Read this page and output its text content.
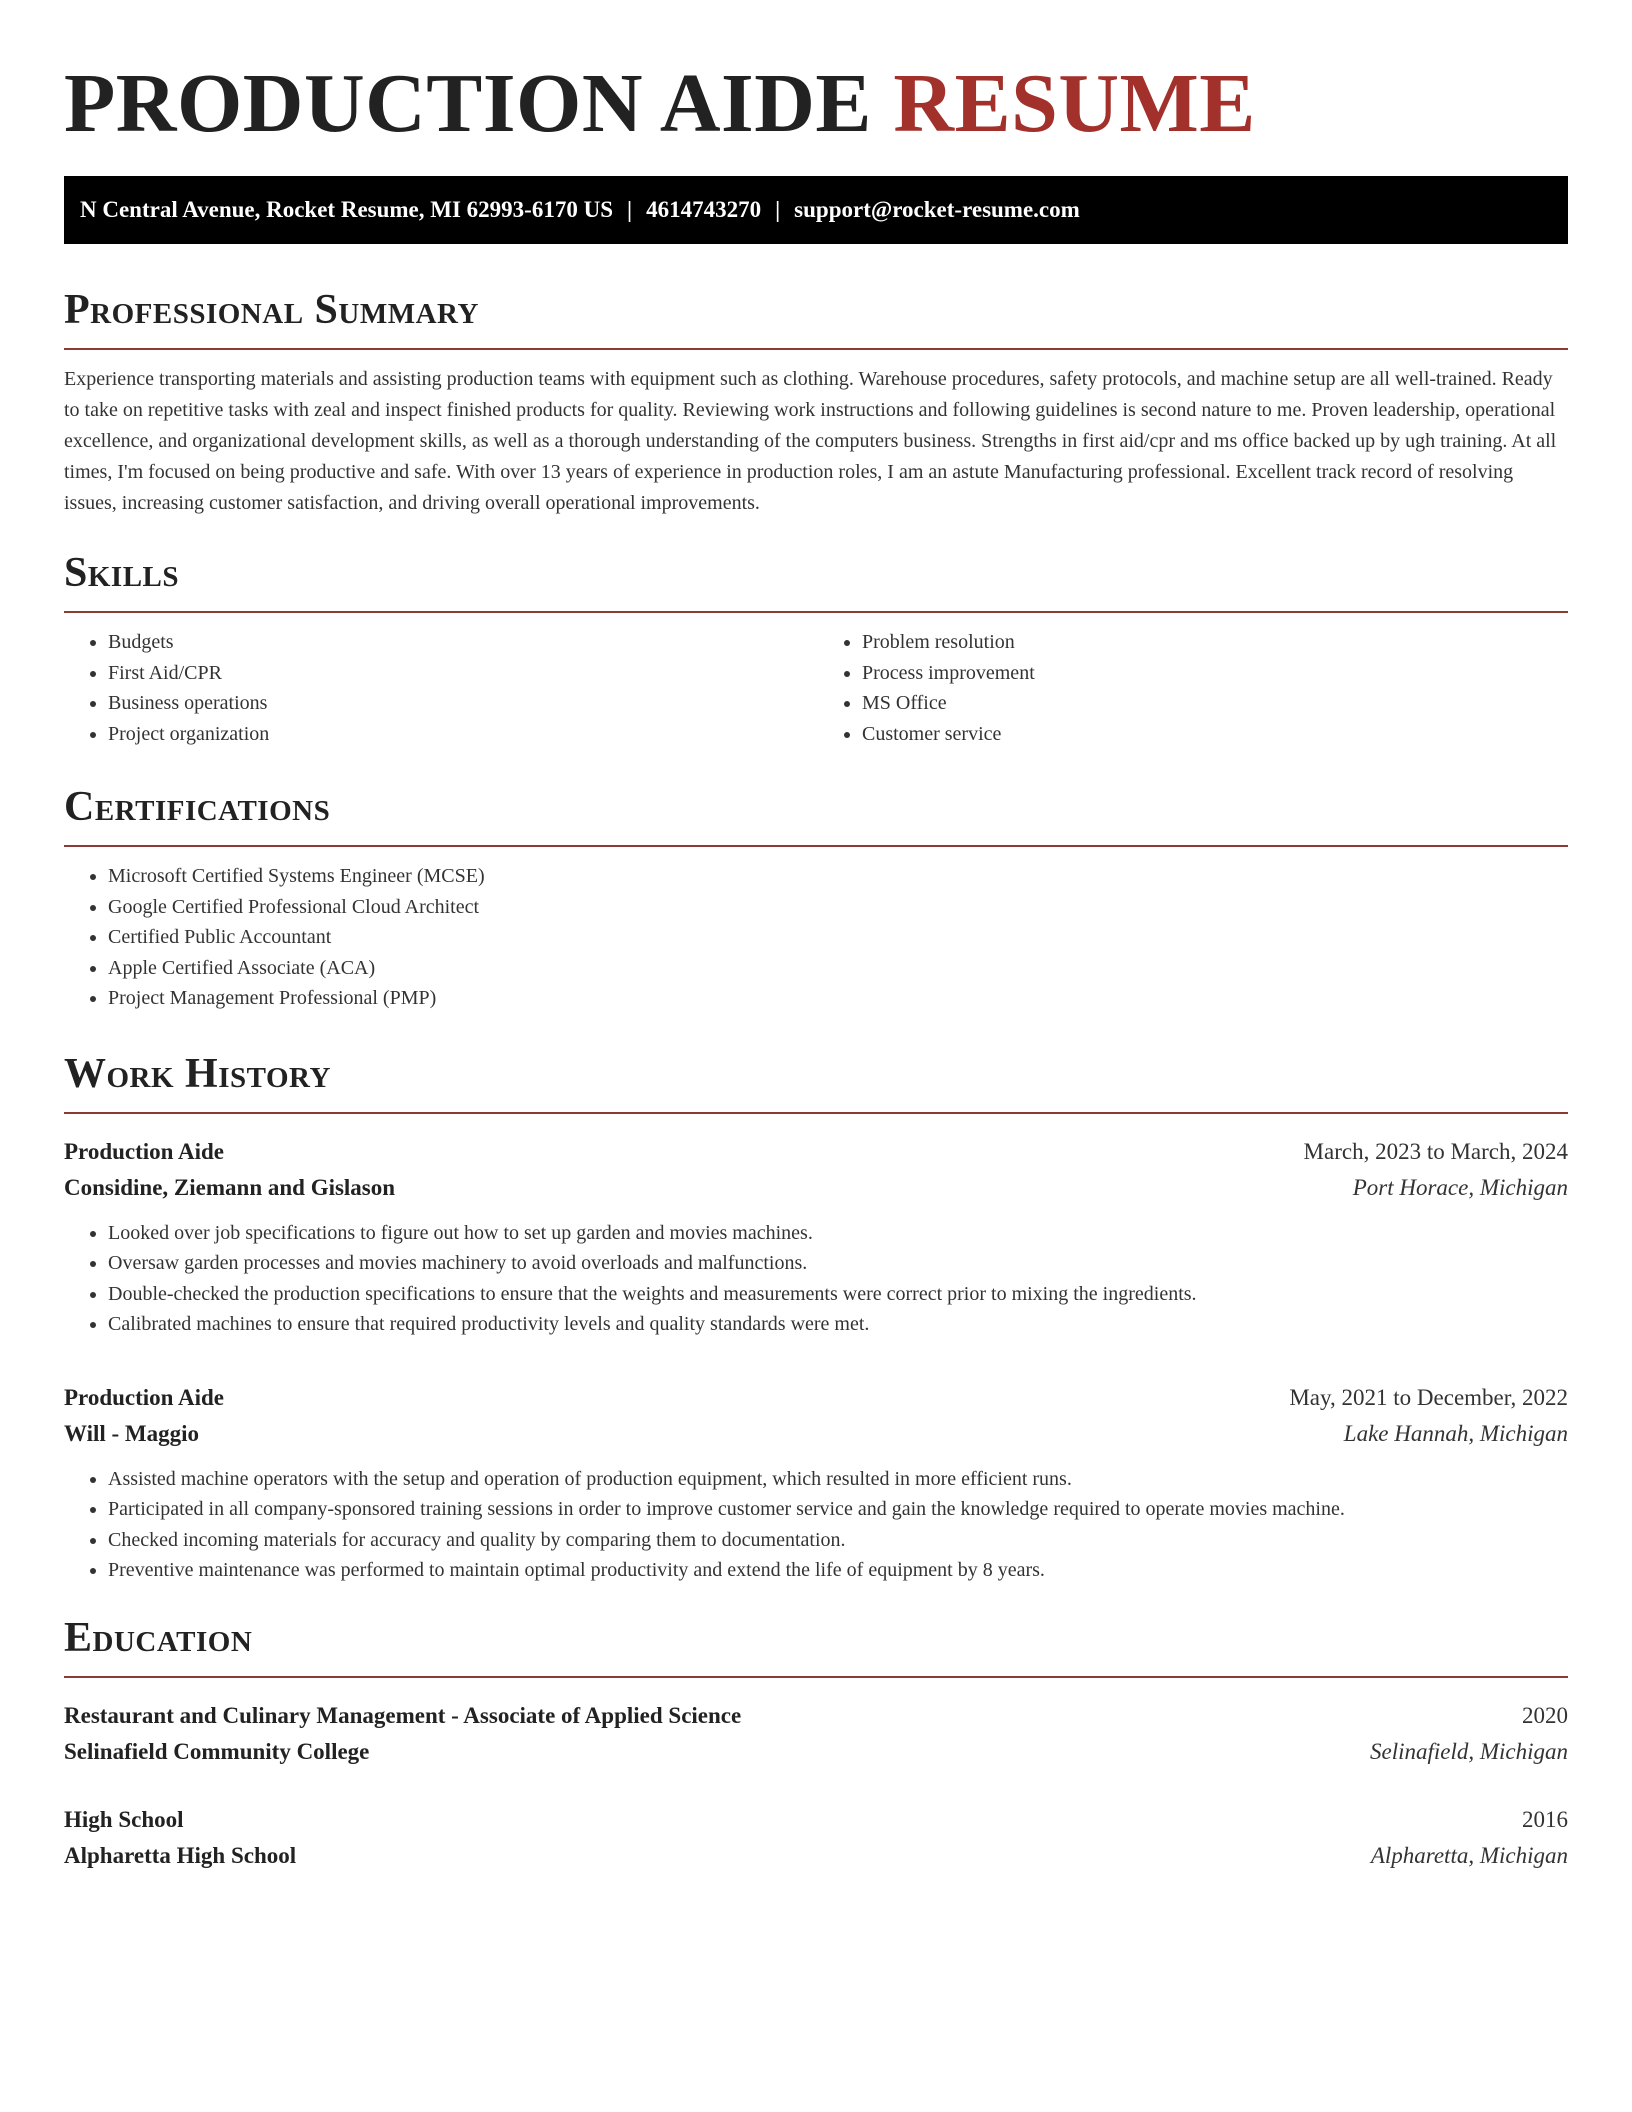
PRODUCTION AIDE RESUME
N Central Avenue, Rocket Resume, MI 62993-6170 US | 4614743270 | support@rocket-resume.com
Professional Summary

Experience transporting materials and assisting production teams with equipment such as clothing. Warehouse procedures, safety protocols, and machine setup are all well-trained. Ready to take on repetitive tasks with zeal and inspect finished products for quality. Reviewing work instructions and following guidelines is second nature to me. Proven leadership, operational excellence, and organizational development skills, as well as a thorough understanding of the computers business. Strengths in first aid/cpr and ms office backed up by ugh training. At all times, I'm focused on being productive and safe. With over 13 years of experience in production roles, I am an astute Manufacturing professional. Excellent track record of resolving issues, increasing customer satisfaction, and driving overall operational improvements.

Skills
• Budgets
• First Aid/CPR
• Business operations
• Project organization
• Problem resolution
• Process improvement
• MS Office
• Customer service
Certifications
• Microsoft Certified Systems Engineer (MCSE)
• Google Certified Professional Cloud Architect
• Certified Public Accountant
• Apple Certified Associate (ACA)
• Project Management Professional (PMP)
Work History
Production Aide	March, 2023 to March, 2024
Considine, Ziemann and Gislason	Port Horace, Michigan
• Looked over job specifications to figure out how to set up garden and movies machines.
• Oversaw garden processes and movies machinery to avoid overloads and malfunctions.
• Double-checked the production specifications to ensure that the weights and measurements were correct prior to mixing the ingredients.
• Calibrated machines to ensure that required productivity levels and quality standards were met.
Production Aide	May, 2021 to December, 2022
Will - Maggio	Lake Hannah, Michigan
• Assisted machine operators with the setup and operation of production equipment, which resulted in more efficient runs.
• Participated in all company-sponsored training sessions in order to improve customer service and gain the knowledge required to operate movies machine.
• Checked incoming materials for accuracy and quality by comparing them to documentation.
• Preventive maintenance was performed to maintain optimal productivity and extend the life of equipment by 8 years.
Education
Restaurant and Culinary Management - Associate of Applied Science	2020
Selinafield Community College	Selinafield, Michigan
High School	2016
Alpharetta High School	Alpharetta, Michigan
